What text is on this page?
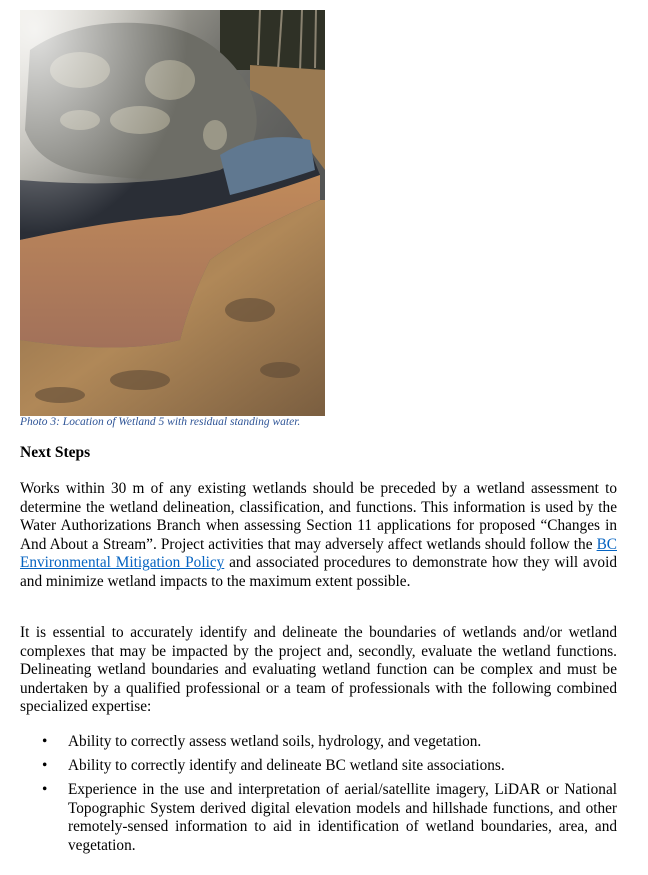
Photo 3: Location of Wetland 5 with residual standing water.
Next Steps

Works within 30 m of any existing wetlands should be preceded by a wetland assessment to determine the wetland delineation, classification, and functions. This information is used by the Water Authorizations Branch when assessing Section 11 applications for proposed “Changes in And About a Stream”. Project activities that may adversely affect wetlands should follow the BC Environmental Mitigation Policy and associated procedures to demonstrate how they will avoid and minimize wetland impacts to the maximum extent possible.

It is essential to accurately identify and delineate the boundaries of wetlands and/or wetland complexes that may be impacted by the project and, secondly, evaluate the wetland functions. Delineating wetland boundaries and evaluating wetland function can be complex and must be undertaken by a qualified professional or a team of professionals with the following combined specialized expertise:

• Ability to correctly assess wetland soils, hydrology, and vegetation.
• Ability to correctly identify and delineate BC wetland site associations.
• Experience in the use and interpretation of aerial/satellite imagery, LiDAR or National Topographic System derived digital elevation models and hillshade functions, and other remotely-sensed information to aid in identification of wetland boundaries, area, and vegetation.
